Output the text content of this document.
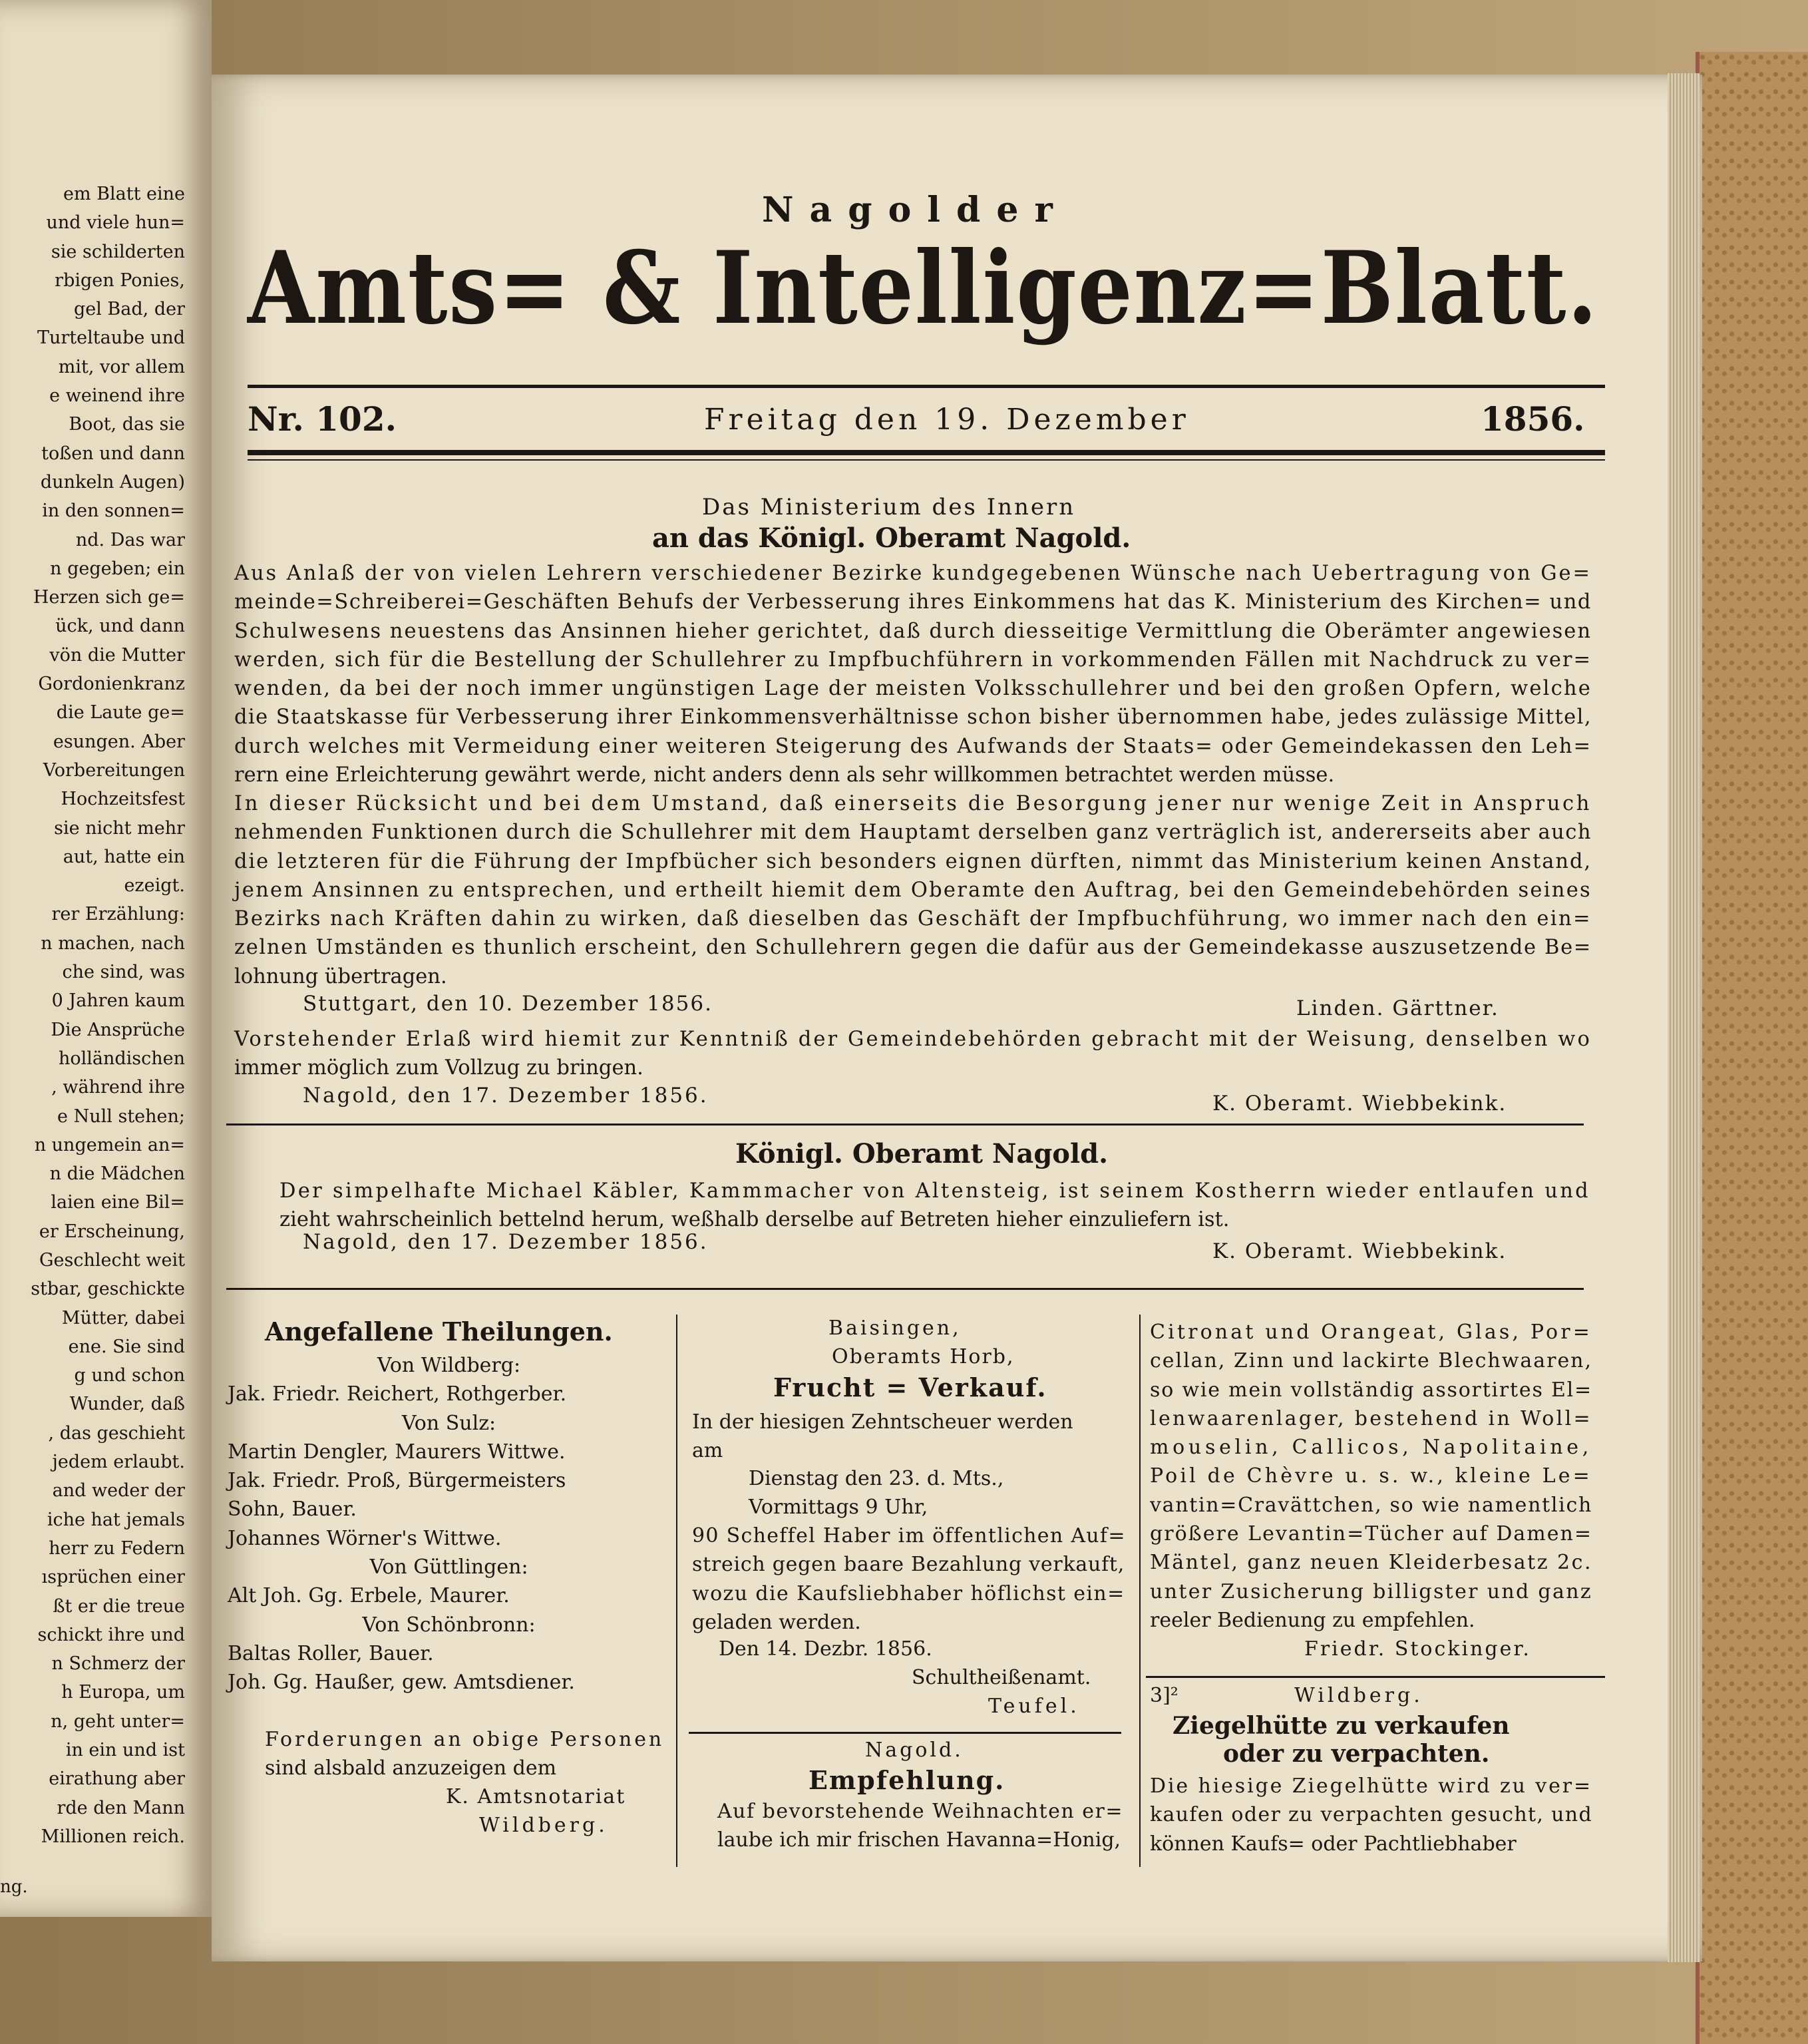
em Blatt eine
und viele hun=
sie schilderten
rbigen Ponies,
gel Bad, der
Turteltaube und
mit, vor allem
e weinend ihre
Boot, das sie
toßen und dann
dunkeln Augen)
in den sonnen=
nd. Das war
n gegeben; ein
Herzen sich ge=
ück, und dann
vön die Mutter
Gordonienkranz
die Laute ge=
esungen. Aber
Vorbereitungen
Hochzeitsfest
sie nicht mehr
aut, hatte ein
ezeigt.
rer Erzählung:
n machen, nach
che sind, was
0 Jahren kaum
Die Ansprüche
holländischen
, während ihre
e Null stehen;
n ungemein an=
n die Mädchen
laien eine Bil=
er Erscheinung,
Geschlecht weit
stbar, geschickte
Mütter, dabei
ene. Sie sind
g und schon
Wunder, daß
, das geschieht
jedem erlaubt.
and weder der
iche hat jemals
herr zu Federn
ısprüchen einer
ßt er die treue
schickt ihre und
n Schmerz der
h Europa, um
n, geht unter=
in ein und ist
eirathung aber
rde den Mann
Millionen reich.
ng.
Nagolder
Amts= & Intelligenz=Blatt.
Nr. 102.	Freitag den 19. Dezember	1856.
Das Ministerium des Innern
an das Königl. Oberamt Nagold.
Aus Anlaß der von vielen Lehrern verschiedener Bezirke kundgegebenen Wünsche nach Uebertragung von Ge=
meinde=Schreiberei=Geschäften Behufs der Verbesserung ihres Einkommens hat das K. Ministerium des Kirchen= und
Schulwesens neuestens das Ansinnen hieher gerichtet, daß durch diesseitige Vermittlung die Oberämter angewiesen
werden, sich für die Bestellung der Schullehrer zu Impfbuchführern in vorkommenden Fällen mit Nachdruck zu ver=
wenden, da bei der noch immer ungünstigen Lage der meisten Volksschullehrer und bei den großen Opfern, welche
die Staatskasse für Verbesserung ihrer Einkommensverhältnisse schon bisher übernommen habe, jedes zulässige Mittel,
durch welches mit Vermeidung einer weiteren Steigerung des Aufwands der Staats= oder Gemeindekassen den Leh=
rern eine Erleichterung gewährt werde, nicht anders denn als sehr willkommen betrachtet werden müsse.
In dieser Rücksicht und bei dem Umstand, daß einerseits die Besorgung jener nur wenige Zeit in Anspruch
nehmenden Funktionen durch die Schullehrer mit dem Hauptamt derselben ganz verträglich ist, andererseits aber auch
die letzteren für die Führung der Impfbücher sich besonders eignen dürften, nimmt das Ministerium keinen Anstand,
jenem Ansinnen zu entsprechen, und ertheilt hiemit dem Oberamte den Auftrag, bei den Gemeindebehörden seines
Bezirks nach Kräften dahin zu wirken, daß dieselben das Geschäft der Impfbuchführung, wo immer nach den ein=
zelnen Umständen es thunlich erscheint, den Schullehrern gegen die dafür aus der Gemeindekasse auszusetzende Be=
lohnung übertragen.
Stuttgart, den 10. Dezember 1856.	Linden. Gärttner.
Vorstehender Erlaß wird hiemit zur Kenntniß der Gemeindebehörden gebracht mit der Weisung, denselben wo
immer möglich zum Vollzug zu bringen.
Nagold, den 17. Dezember 1856.	K. Oberamt. Wiebbekink.
Königl. Oberamt Nagold.
Der simpelhafte Michael Käbler, Kammmacher von Altensteig, ist seinem Kostherrn wieder entlaufen und
zieht wahrscheinlich bettelnd herum, weßhalb derselbe auf Betreten hieher einzuliefern ist.
Nagold, den 17. Dezember 1856.	K. Oberamt. Wiebbekink.
Angefallene Theilungen.
Von Wildberg:
Jak. Friedr. Reichert, Rothgerber.
Von Sulz:
Martin Dengler, Maurers Wittwe.
Jak. Friedr. Proß, Bürgermeisters
Sohn, Bauer.
Johannes Wörner's Wittwe.
Von Güttlingen:
Alt Joh. Gg. Erbele, Maurer.
Von Schönbronn:
Baltas Roller, Bauer.
Joh. Gg. Haußer, gew. Amtsdiener.
Forderungen an obige Personen
sind alsbald anzuzeigen dem
K. Amtsnotariat
Wildberg.
Baisingen,
Oberamts Horb,
Frucht = Verkauf.
In der hiesigen Zehntscheuer werden
am
Dienstag den 23. d. Mts.,
Vormittags 9 Uhr,
90 Scheffel Haber im öffentlichen Auf=
streich gegen baare Bezahlung verkauft,
wozu die Kaufsliebhaber höflichst ein=
geladen werden.
Den 14. Dezbr. 1856.
Schultheißenamt.
Teufel.
Nagold.
Empfehlung.
Auf bevorstehende Weihnachten er=
laube ich mir frischen Havanna=Honig,
Citronat und Orangeat, Glas, Por=
cellan, Zinn und lackirte Blechwaaren,
so wie mein vollständig assortirtes El=
lenwaarenlager, bestehend in Woll=
mouselin, Callicos, Napolitaine,
Poil de Chèvre u. s. w., kleine Le=
vantin=Cravättchen, so wie namentlich
größere Levantin=Tücher auf Damen=
Mäntel, ganz neuen Kleiderbesatz 2c.
unter Zusicherung billigster und ganz
reeler Bedienung zu empfehlen.
Friedr. Stockinger.
3]²	Wildberg.
Ziegelhütte zu verkaufen
oder zu verpachten.
Die hiesige Ziegelhütte wird zu ver=
kaufen oder zu verpachten gesucht, und
können Kaufs= oder Pachtliebhaber
